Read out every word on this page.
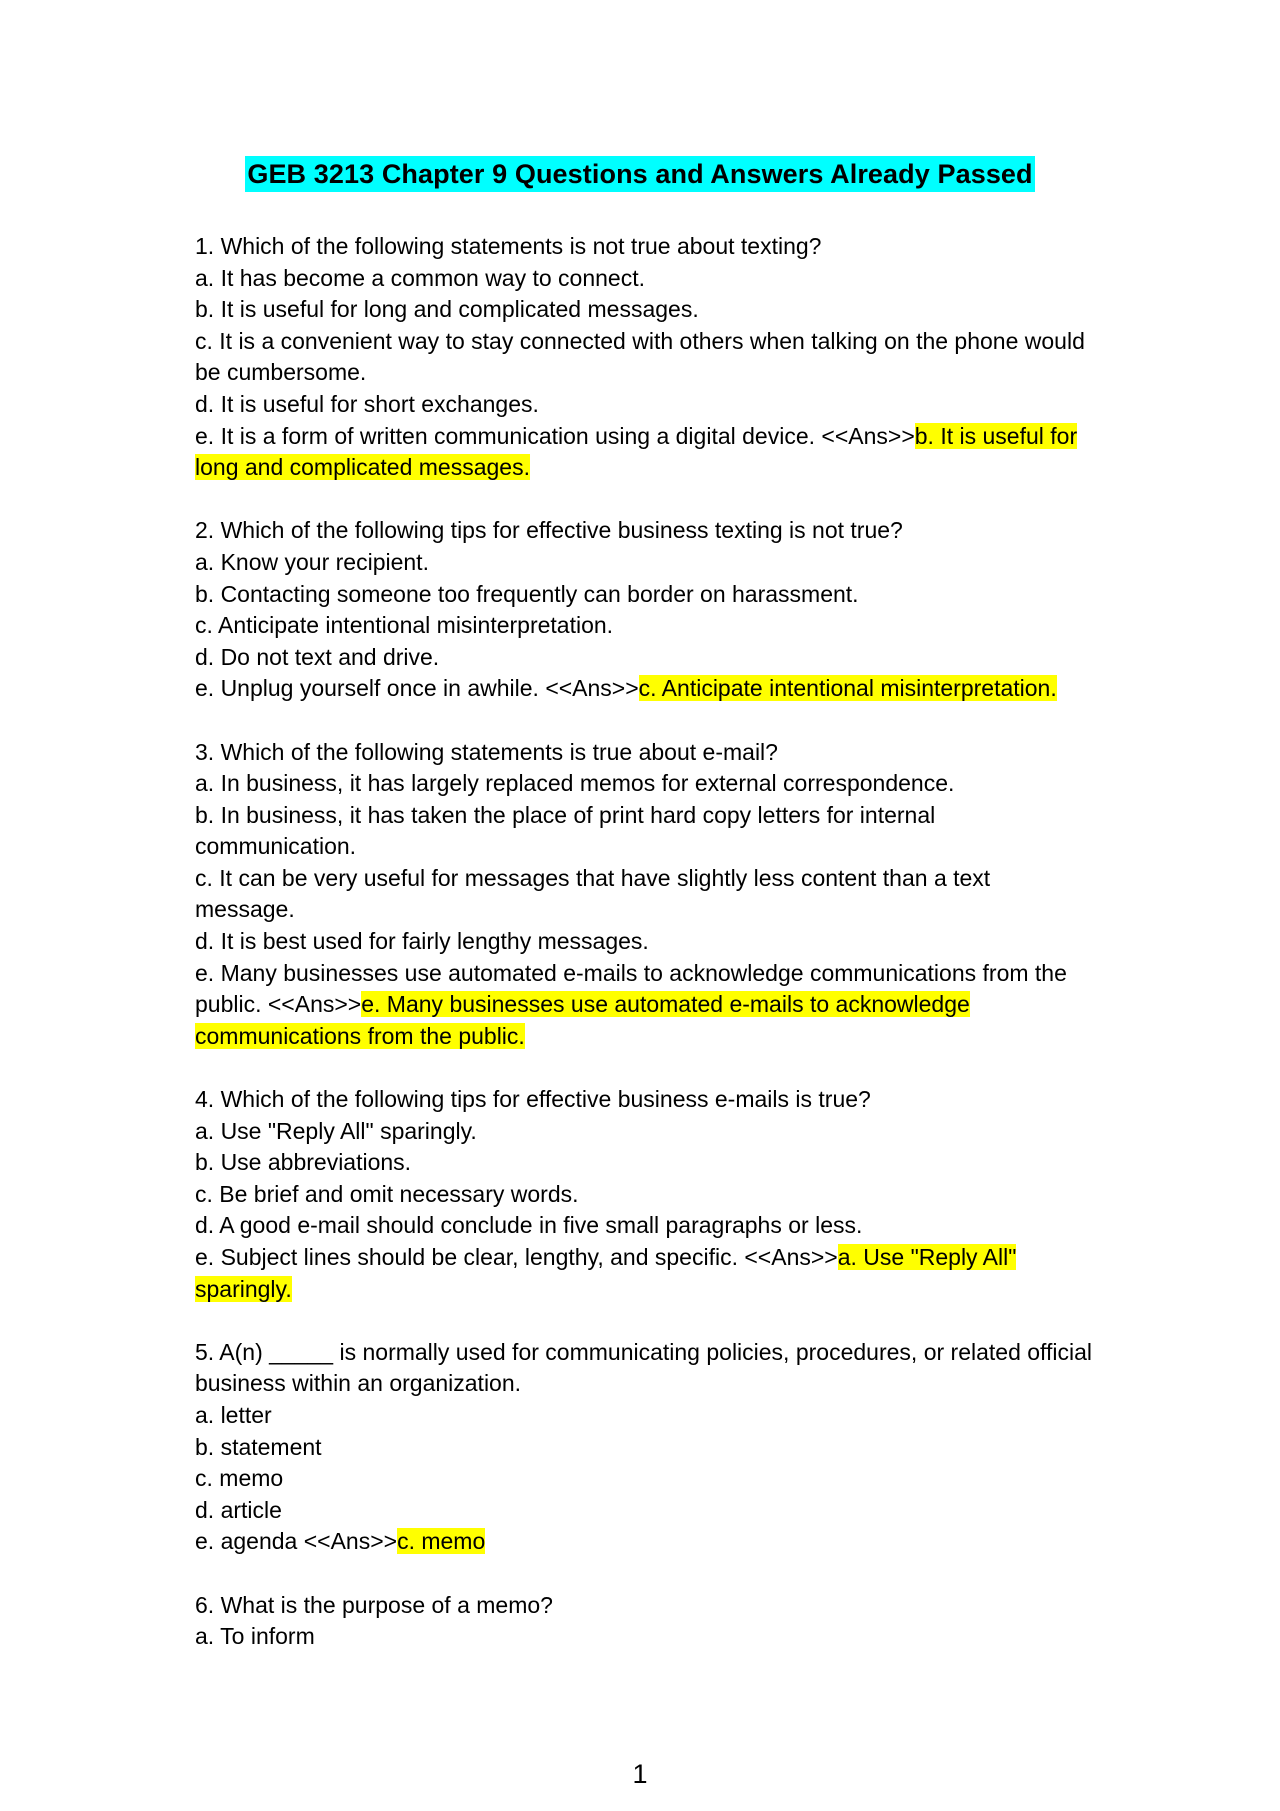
GEB 3213 Chapter 9 Questions and Answers Already Passed
1. Which of the following statements is not true about texting?
a. It has become a common way to connect.
b. It is useful for long and complicated messages.
c. It is a convenient way to stay connected with others when talking on the phone would be cumbersome.
d. It is useful for short exchanges.
e. It is a form of written communication using a digital device. <<Ans>>b. It is useful for long and complicated messages.
2. Which of the following tips for effective business texting is not true?
a. Know your recipient.
b. Contacting someone too frequently can border on harassment.
c. Anticipate intentional misinterpretation.
d. Do not text and drive.
e. Unplug yourself once in awhile. <<Ans>>c. Anticipate intentional misinterpretation.
3. Which of the following statements is true about e-mail?
a. In business, it has largely replaced memos for external correspondence.
b. In business, it has taken the place of print hard copy letters for internal communication.
c. It can be very useful for messages that have slightly less content than a text message.
d. It is best used for fairly lengthy messages.
e. Many businesses use automated e-mails to acknowledge communications from the public. <<Ans>>e. Many businesses use automated e-mails to acknowledge communications from the public.
4. Which of the following tips for effective business e-mails is true?
a. Use "Reply All" sparingly.
b. Use abbreviations.
c. Be brief and omit necessary words.
d. A good e-mail should conclude in five small paragraphs or less.
e. Subject lines should be clear, lengthy, and specific. <<Ans>>a. Use "Reply All" sparingly.
5. A(n) _____ is normally used for communicating policies, procedures, or related official business within an organization.
a. letter
b. statement
c. memo
d. article
e. agenda <<Ans>>c. memo
6. What is the purpose of a memo?
a. To inform
1
